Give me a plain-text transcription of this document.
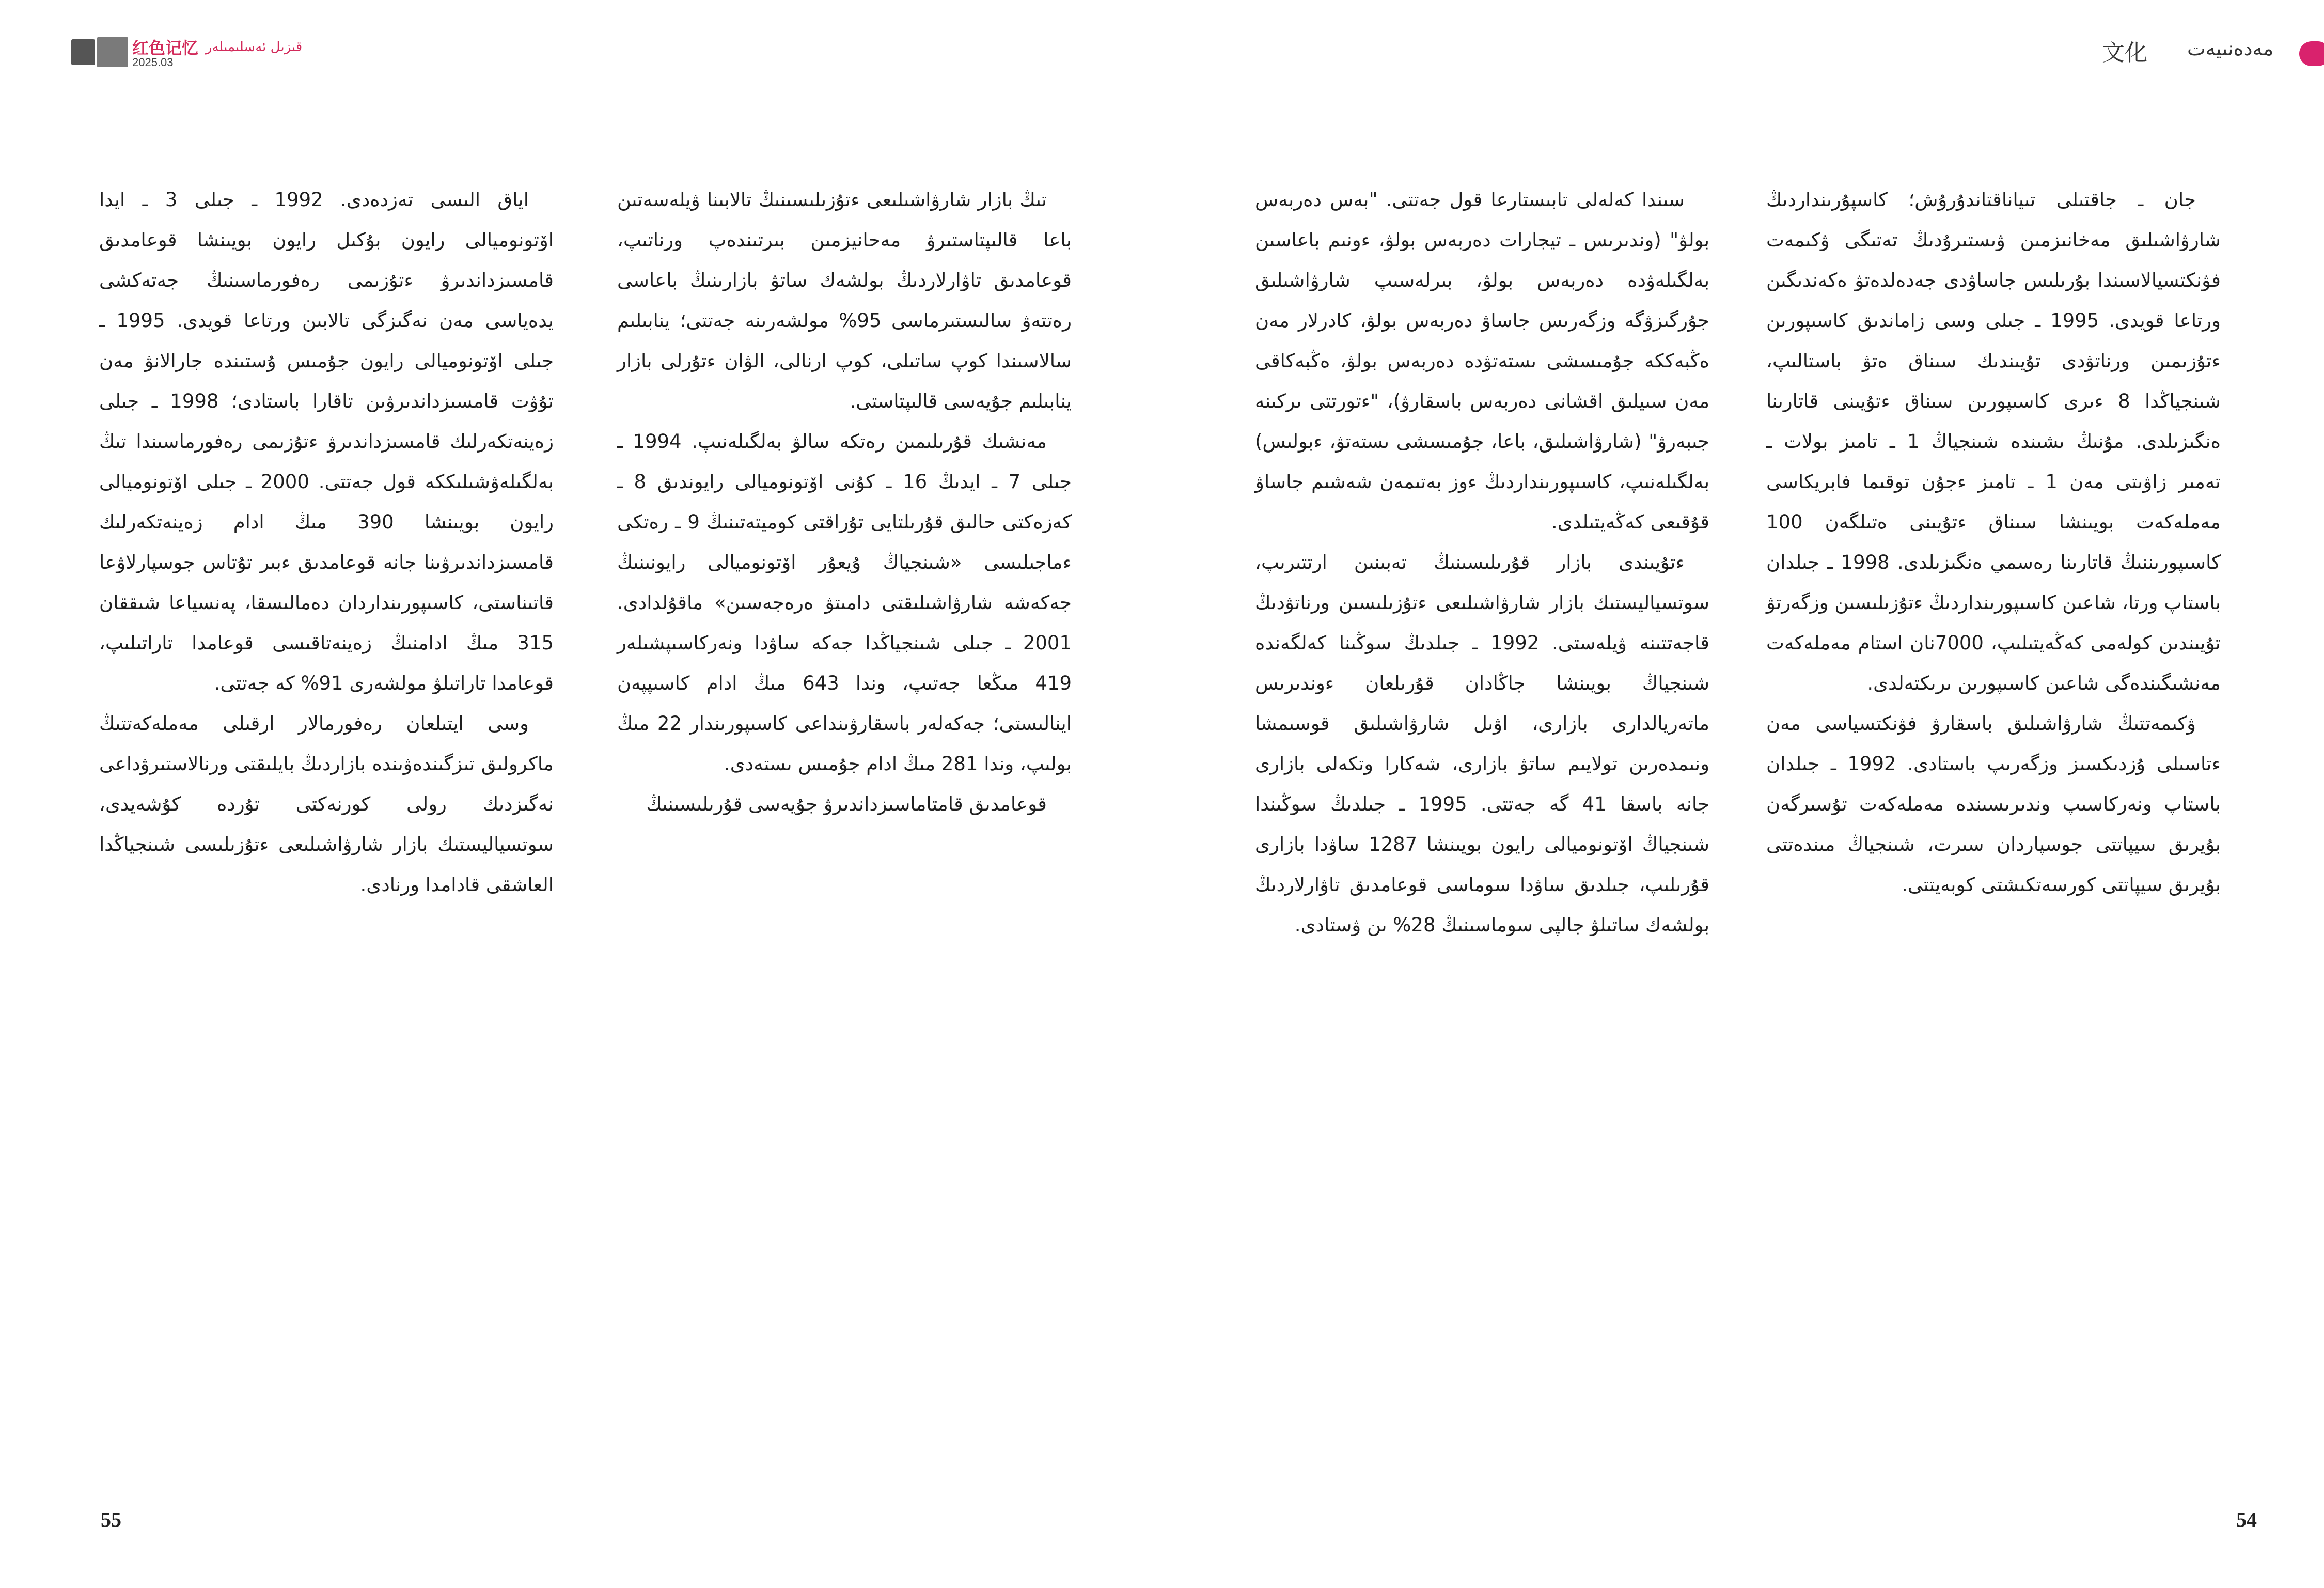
红色记忆 قىزىل ئەسلىمىلەر
2025.03	文化 مەدەنىيەت

جان ـ جاقتىلى تىياناقتاندۇرۇش؛ كاسپۇرىنداردىڭ شارۋاشىلىق مەخانىزمىن ۋىستىرۇدىڭ تەتىگى ۋكىمەت فۋنكتسيالاسىندا بۇرىلىس جاساۋدى جەدەلدەتۋ ەكەندىگىن ورتاعا قويدى. 1995 ـ جىلى وسى زاماندىق كاسىپورىن ءتۇزىمىن ورناتۋدى تۇيىندىك سىناق ەتۋ باستالىپ، شىنجياڭدا 8 ءىرى كاسىپورىن سىناق ءتۇيىنى قاتارىنا ەنگىزىلدى. مۇنىڭ ىشىندە شىنجياڭ 1 ـ تامىز بولات ـ تەمىر زاۋىتى مەن 1 ـ تامىز ءجۇن توقىما فابريكاسى مەملەكەت بويىنشا سىناق ءتۇيىنى ەتىلگەن 100 كاسىپورىننىڭ قاتارىنا رەسمي ەنگىزىلدى. 1998 ـ جىلدان باستاپ ورتا، شاعىن كاسىپورىنداردىڭ ءتۇزىلىسىن وزگەرتۋ تۇيىندىن كولەمى كەڭەيتىلىپ، 7000نان استام مەملەكەت مەنشىگىندەگى شاعىن كاسىپورىن ىرىكتەلدى.

ۋكىمەتتىڭ شارۋاشىلىق باسقارۋ فۋنكتسياسى مەن ءتاسىلى ۇزدىكسىز وزگەرىپ باستادى. 1992 ـ جىلدان باستاپ ونەركاسىپ وندىرىسىندە مەملەكەت تۇسىرگەن بۇيرىق سيپاتتى جوسپاردان سىرت، شىنجياڭ مىندەتتى بۇيرىق سيپاتتى كورسەتكىشتى كوبەيتتى.

سىندا كەلەلى تابىستارعا قول جەتتى. "بەس دەربەس بولۋ" (وندىرىس ـ تيجارات دەربەس بولۋ، ءونىم باعاسىن بەلگىلەۋدە دەربەس بولۋ، بىرلەسىپ شارۋاشىلىق جۇرگىزۋگە وزگەرىس جاساۋ دەربەس بولۋ، كادرلار مەن ەڭبەككە جۇمىسشى ىستەتۋدە دەربەس بولۋ، ەڭبەكاقى مەن سىيلىق اقشانى دەربەس باسقارۋ)، "ءتورتتى ىركىنە جىبەرۋ" (شارۋاشىلىق، باعا، جۇمىسشى ىستەتۋ، ءبولىس) بەلگىلەنىپ، كاسىپورىنداردىڭ ءوز بەتىمەن شەشىم جاساۋ قۇقىعى كەڭەيتىلدى.

ءتۇيىندى بازار قۇرىلىسىنىڭ تەبىنىن ارتتىرىپ، سوتسياليستىك بازار شارۋاشىلىعى ءتۇزىلىسىن ورناتۋدىڭ قاجەتتىنە ۋيلەستى. 1992 ـ جىلدىڭ سوڭىنا كەلگەندە شىنجياڭ بويىنشا جاڭادان قۇرىلعان ءوندىرىس ماتەريالدارى بازارى، اۋىل شارۋاشىلىق قوسىمشا ونىمدەرىن تولايىم ساتۋ بازارى، شەكارا وتكەلى بازارى جانە باسقا 41 گە جەتتى. 1995 ـ جىلدىڭ سوڭىندا شىنجياڭ اۆتونوميالى رايون بويىنشا 1287 ساۋدا بازارى قۇرىلىپ، جىلدىق ساۋدا سوماسى قوعامدىق تاۋارلاردىڭ بولشەك ساتىلۋ جالپى سوماسىنىڭ 28% ىن ۋستادى.

تىڭ بازار شارۋاشىلىعى ءتۇزىلىسىنىڭ تالابىنا ۋيلەسەتىن باعا قالىپتاستىرۋ مەحانيزمىن بىرتىندەپ ورناتىپ، قوعامدىق تاۋارلاردىڭ بولشەك ساتۋ بازارىنىڭ باعاسى رەتتەۋ سالىستىرماسى 95% مولشەرىنە جەتتى؛ ينابىلىم سالاسىندا كوپ ساتىلى، كوپ ارنالى، الۋان ءتۇرلى بازار ينابىلىم جۇيەسى قالىپتاستى.

مەنشىك قۇرىلىمىن رەتكە سالۋ بەلگىلەنىپ. 1994 ـ جىلى 7 ـ ايدىڭ 16 ـ كۇنى اۆتونوميالى رايوندىق 8 ـ كەزەكتى حالىق قۇرىلتايى تۇراقتى كوميتەتىنىڭ 9 ـ رەتكى ءماجىلىسى «شىنجياڭ ۇيعۇر اۆتونوميالى رايونىنىڭ جەكەشە شارۋاشىلىقتى دامىتۋ ەرەجەسىن» ماقۇلدادى. 2001 ـ جىلى شىنجياڭدا جەكە ساۋدا ونەركاسىپشىلەر 419 مىڭعا جەتىپ، وندا 643 مىڭ ادام كاسىپپەن اينالىستى؛ جەكەلەر باسقارۋىنداعى كاسىپورىندار 22 مىڭ بولىپ، وندا 281 مىڭ ادام جۇمىس ىستەدى.

قوعامدىق قامتاماسىزداندىرۋ جۇيەسى قۇرىلىسىنىڭ

اياق الىسى تەزدەدى. 1992 ـ جىلى 3 ـ ايدا اۆتونوميالى رايون بۇكىل رايون بويىنشا قوعامدىق قامسىزداندىرۋ ءتۇزىمى رەفورماسىنىڭ جەتەكشى يدەياسى مەن نەگىزگى تالابىن ورتاعا قويدى. 1995 ـ جىلى اۆتونوميالى رايون جۇمىس ۇستىندە جارالانۋ مەن تۇۋت قامسىزداندىرۋىن تاقارا باستادى؛ 1998 ـ جىلى زەينەتكەرلىك قامسىزداندىرۋ ءتۇزىمى رەفورماسىندا تىڭ بەلگىلەۋشىلىككە قول جەتتى. 2000 ـ جىلى اۆتونوميالى رايون بويىنشا 390 مىڭ ادام زەينەتكەرلىك قامسىزداندىرۋىنا جانە قوعامدىق ءبىر تۇتاس جوسپارلاۋعا قاتىناستى، كاسىپورىنداردان دەمالىسقا، پەنسياعا شىققان 315 مىڭ ادامنىڭ زەينەتاقىسى قوعامدا تاراتىلىپ، قوعامدا تاراتىلۋ مولشەرى 91% كە جەتتى.

وسى ايتىلعان رەفورمالار ارقىلى مەملەكەتتىڭ ماكرولىق تىزگىندەۋىندە بازاردىڭ بايلىقتى ورنالاستىرۋداعى نەگىزدىك رولى كورنەكتى تۇردە كۇشەيدى، سوتسياليستىك بازار شارۋاشىلىعى ءتۇزىلىسى شىنجياڭدا العاشقى قادامدا ورنادى.

55	54
